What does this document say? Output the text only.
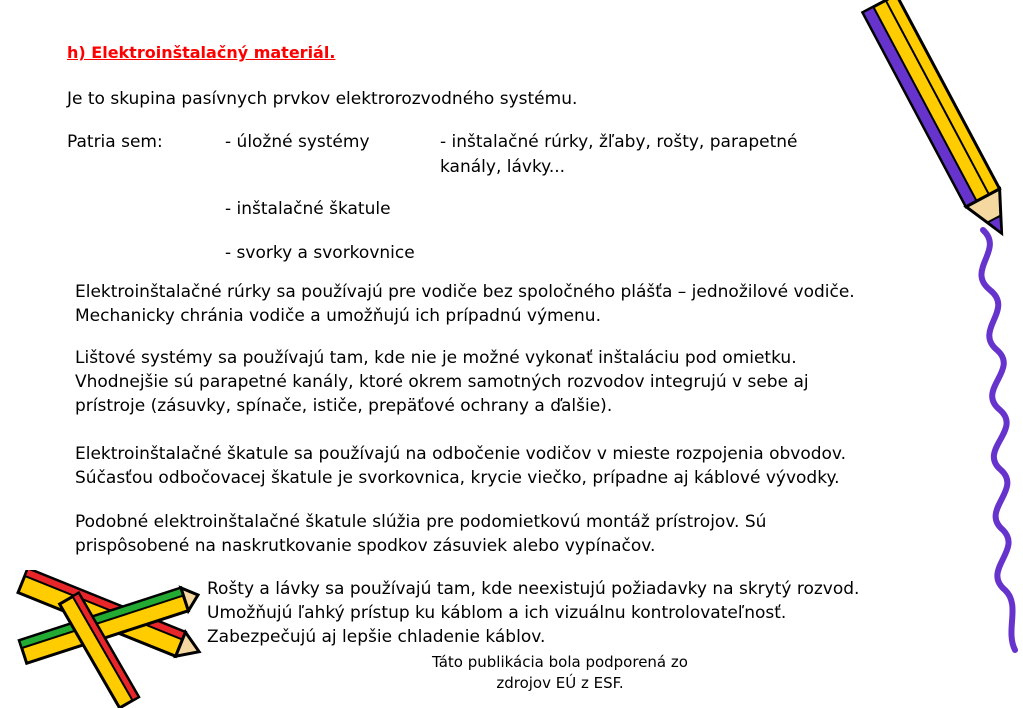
h) Elektroinštalačný materiál.
Je to skupina pasívnych prvkov elektrorozvodného systému.
Patria sem:	- úložné systémy	- inštalačné rúrky, žľaby, rošty, parapetné
kanály, lávky...
- inštalačné škatule
- svorky a svorkovnice
Elektroinštalačné rúrky sa používajú pre vodiče bez spoločného plášťa – jednožilové vodiče.
Mechanicky chránia vodiče a umožňujú ich prípadnú výmenu.
Lištové systémy sa používajú tam, kde nie je možné vykonať inštaláciu pod omietku.
Vhodnejšie sú parapetné kanály, ktoré okrem samotných rozvodov integrujú v sebe aj
prístroje (zásuvky, spínače, ističe, prepäťové ochrany a ďalšie).
Elektroinštalačné škatule sa používajú na odbočenie vodičov v mieste rozpojenia obvodov.
Súčasťou odbočovacej škatule je svorkovnica, krycie viečko, prípadne aj káblové vývodky.
Podobné elektroinštalačné škatule slúžia pre podomietkovú montáž prístrojov. Sú
prispôsobené na naskrutkovanie spodkov zásuviek alebo vypínačov.
Rošty a lávky sa používajú tam, kde neexistujú požiadavky na skrytý rozvod.
Umožňujú ľahký prístup ku káblom a ich vizuálnu kontrolovateľnosť.
Zabezpečujú aj lepšie chladenie káblov.
Táto publikácia bola podporená zo
zdrojov EÚ z ESF.
